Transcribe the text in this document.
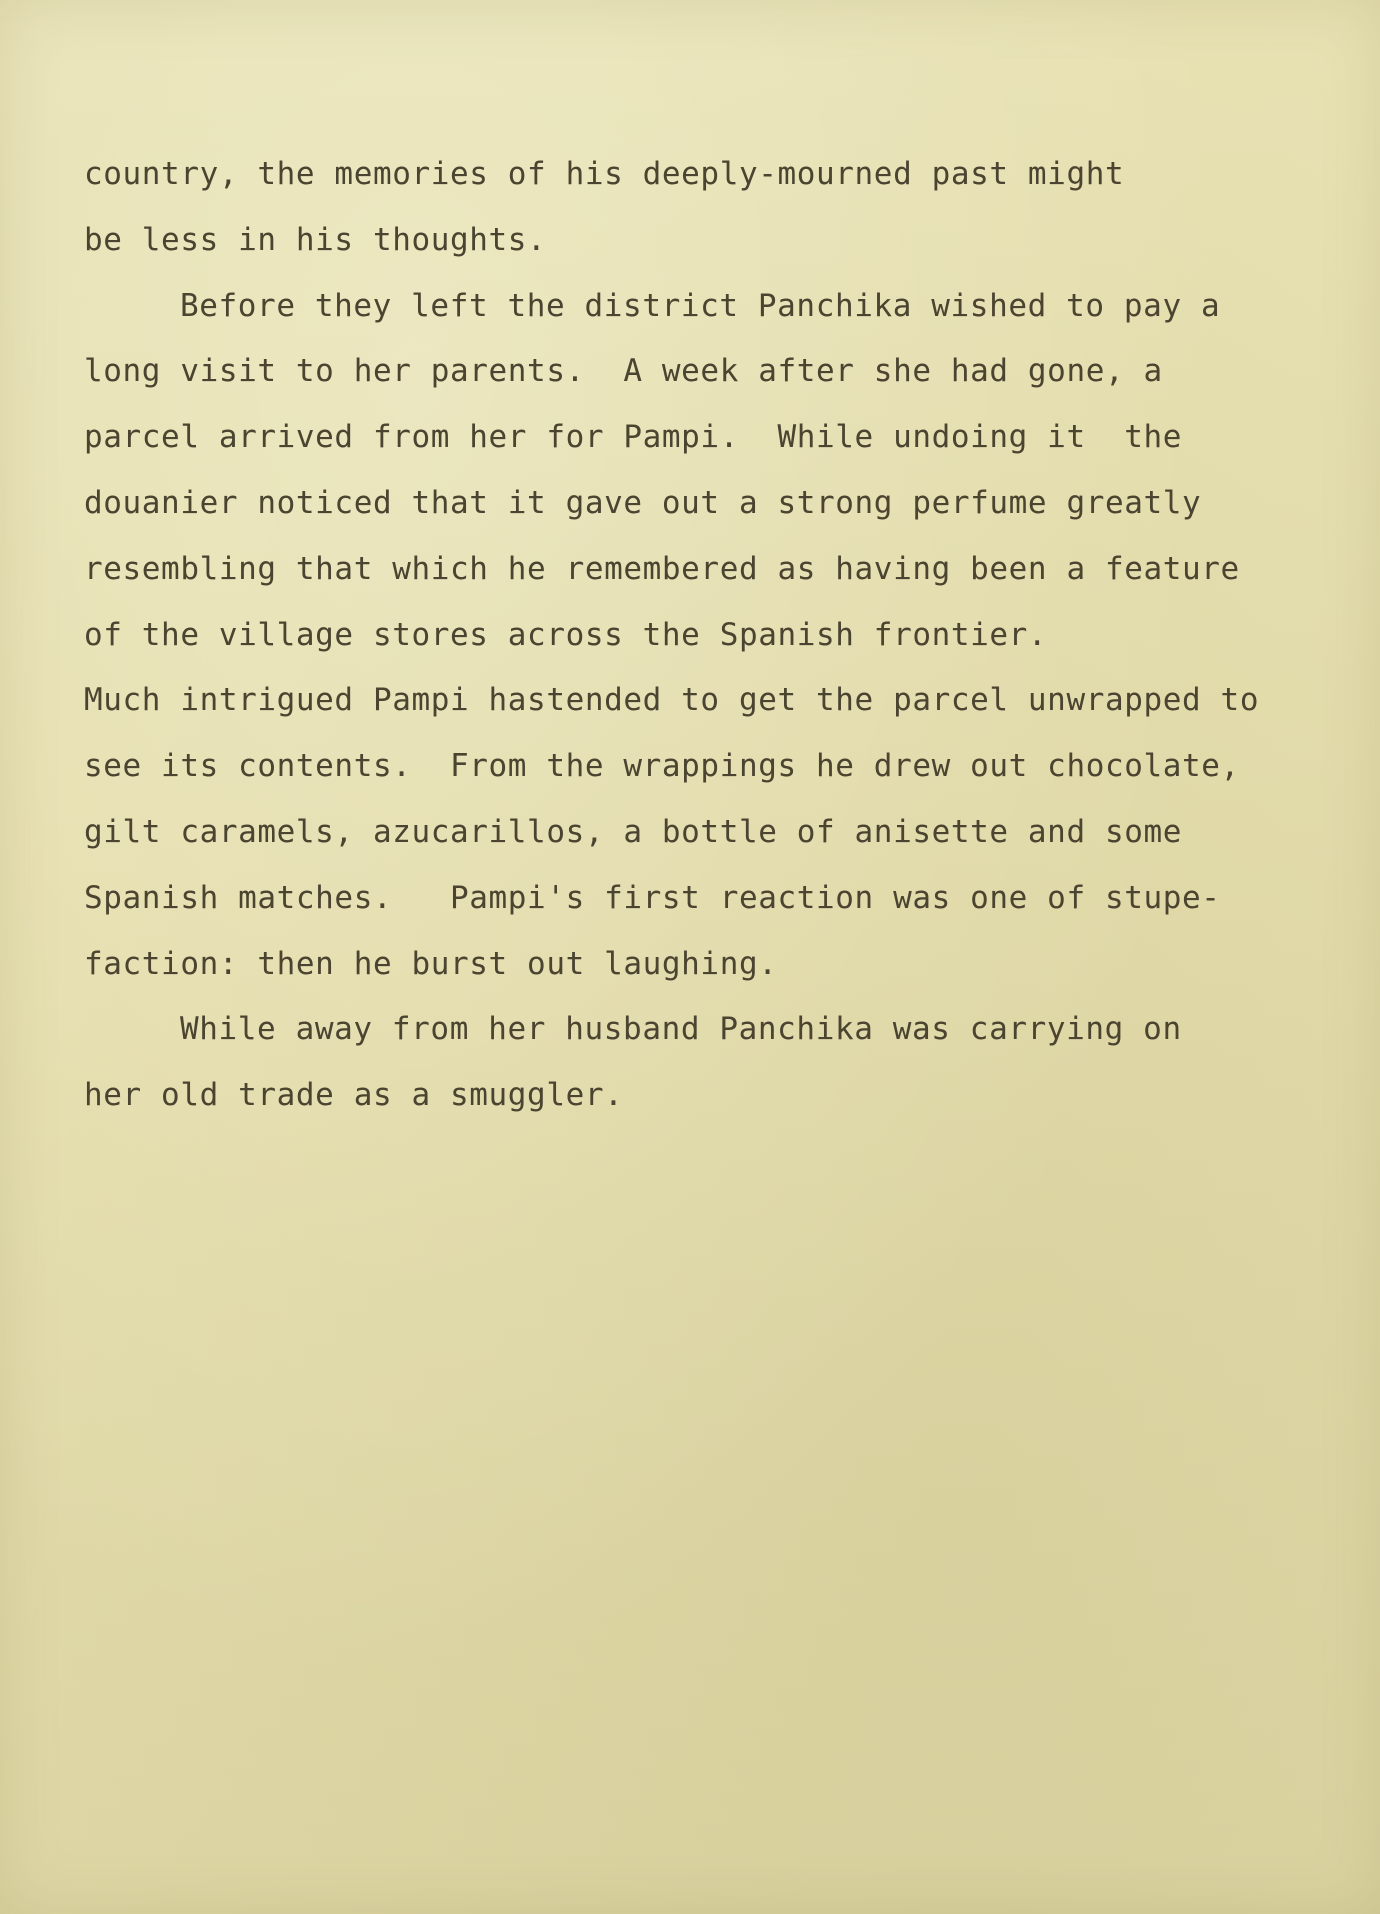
country, the memories of his deeply-mourned past might
be less in his thoughts.
Before they left the district Panchika wished to pay a
long visit to her parents.  A week after she had gone, a
parcel arrived from her for Pampi.  While undoing it  the
douanier noticed that it gave out a strong perfume greatly
resembling that which he remembered as having been a feature
of the village stores across the Spanish frontier.
Much intrigued Pampi hastended to get the parcel unwrapped to
see its contents.  From the wrappings he drew out chocolate,
gilt caramels, azucarillos, a bottle of anisette and some
Spanish matches.   Pampi's first reaction was one of stupe-
faction: then he burst out laughing.
While away from her husband Panchika was carrying on
her old trade as a smuggler.
